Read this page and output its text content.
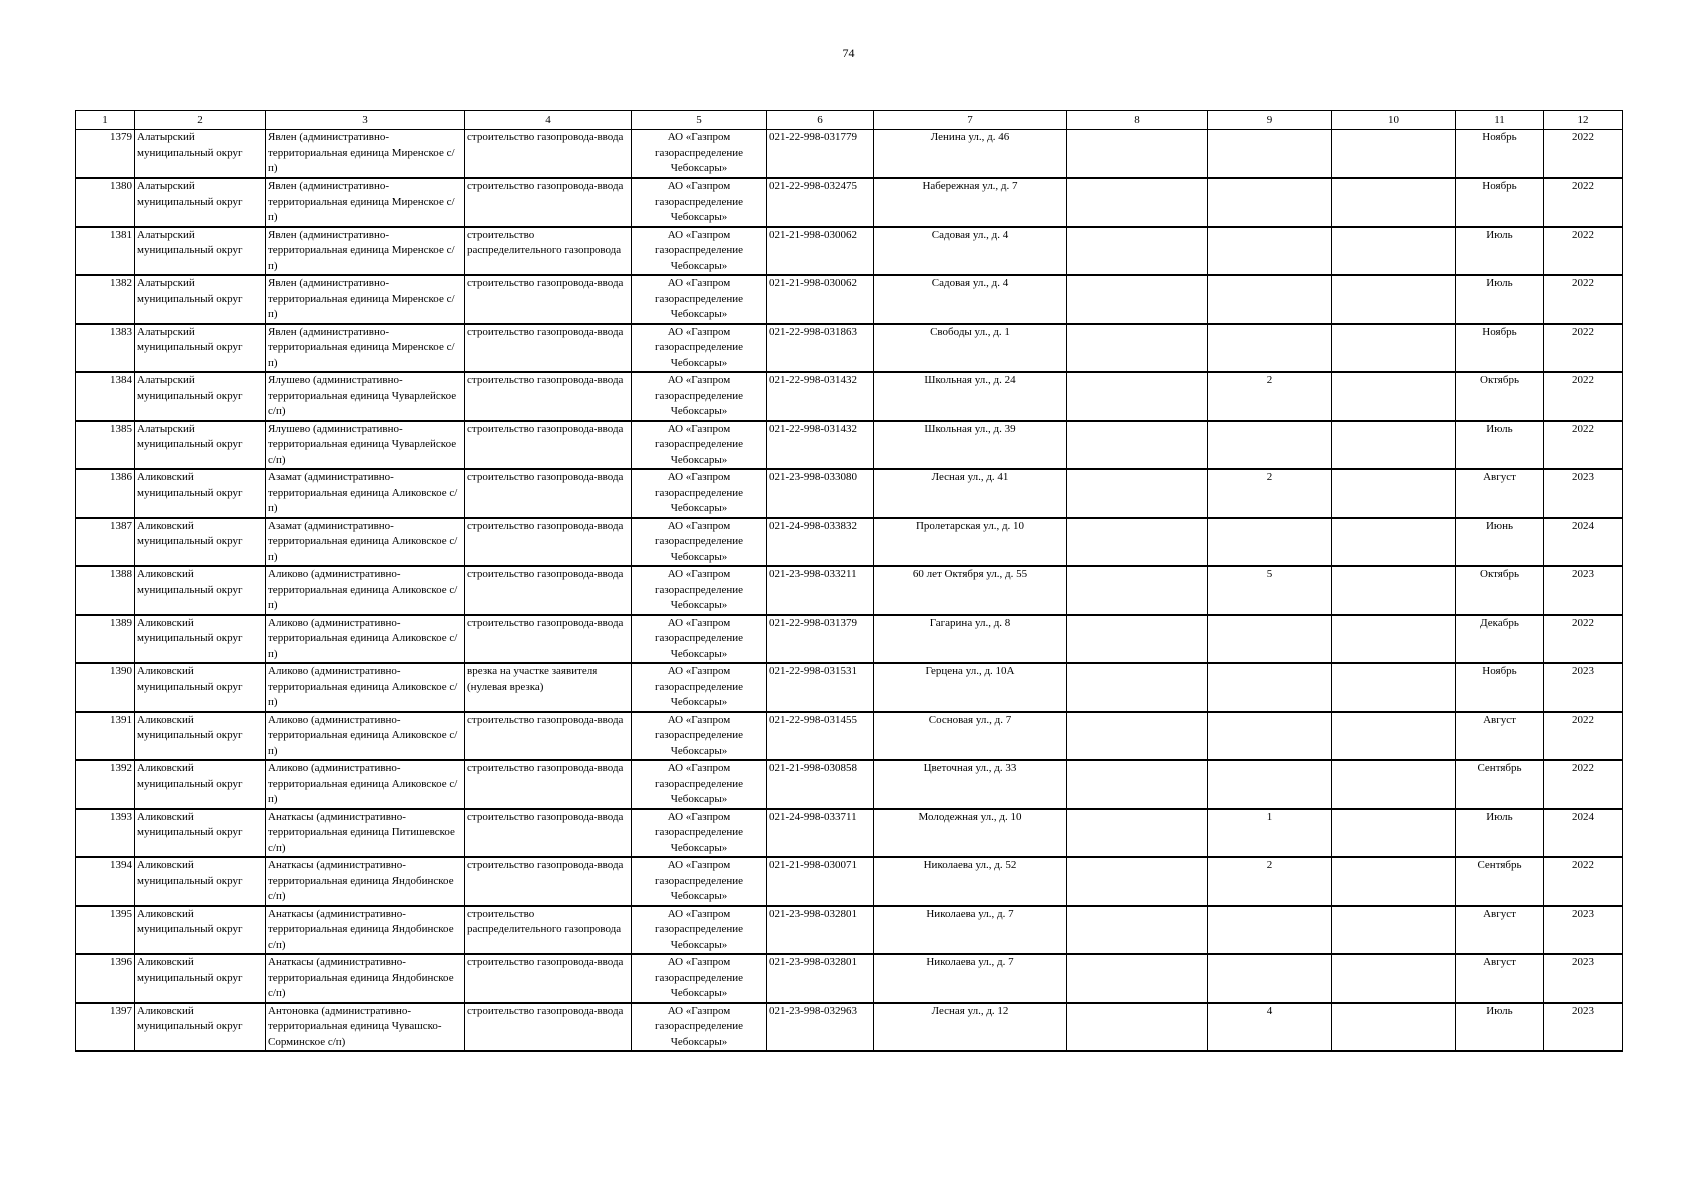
74
1	2	3	4	5	6	7	8	9	10	11	12
1379	Алатырский муниципальный округ	Явлен (административно-территориальная единица Миренское с/п)	строительство газопровода-ввода	АО «Газпром газораспределение Чебоксары»	021-22-998-031779	Ленина ул., д. 46				Ноябрь	2022
1380	Алатырский муниципальный округ	Явлен (административно-территориальная единица Миренское с/п)	строительство газопровода-ввода	АО «Газпром газораспределение Чебоксары»	021-22-998-032475	Набережная ул., д. 7				Ноябрь	2022
1381	Алатырский муниципальный округ	Явлен (административно-территориальная единица Миренское с/п)	строительство распределительного газопровода	АО «Газпром газораспределение Чебоксары»	021-21-998-030062	Садовая ул., д. 4				Июль	2022
1382	Алатырский муниципальный округ	Явлен (административно-территориальная единица Миренское с/п)	строительство газопровода-ввода	АО «Газпром газораспределение Чебоксары»	021-21-998-030062	Садовая ул., д. 4				Июль	2022
1383	Алатырский муниципальный округ	Явлен (административно-территориальная единица Миренское с/п)	строительство газопровода-ввода	АО «Газпром газораспределение Чебоксары»	021-22-998-031863	Свободы ул., д. 1				Ноябрь	2022
1384	Алатырский муниципальный округ	Ялушево (административно-территориальная единица Чуварлейское с/п)	строительство газопровода-ввода	АО «Газпром газораспределение Чебоксары»	021-22-998-031432	Школьная ул., д. 24		2		Октябрь	2022
1385	Алатырский муниципальный округ	Ялушево (административно-территориальная единица Чуварлейское с/п)	строительство газопровода-ввода	АО «Газпром газораспределение Чебоксары»	021-22-998-031432	Школьная ул., д. 39				Июль	2022
1386	Аликовский муниципальный округ	Азамат (административно-территориальная единица Аликовское с/п)	строительство газопровода-ввода	АО «Газпром газораспределение Чебоксары»	021-23-998-033080	Лесная ул., д. 41		2		Август	2023
1387	Аликовский муниципальный округ	Азамат (административно-территориальная единица Аликовское с/п)	строительство газопровода-ввода	АО «Газпром газораспределение Чебоксары»	021-24-998-033832	Пролетарская ул., д. 10				Июнь	2024
1388	Аликовский муниципальный округ	Аликово (административно-территориальная единица Аликовское с/п)	строительство газопровода-ввода	АО «Газпром газораспределение Чебоксары»	021-23-998-033211	60 лет Октября ул., д. 55		5		Октябрь	2023
1389	Аликовский муниципальный округ	Аликово (административно-территориальная единица Аликовское с/п)	строительство газопровода-ввода	АО «Газпром газораспределение Чебоксары»	021-22-998-031379	Гагарина ул., д. 8				Декабрь	2022
1390	Аликовский муниципальный округ	Аликово (административно-территориальная единица Аликовское с/п)	врезка на участке заявителя (нулевая врезка)	АО «Газпром газораспределение Чебоксары»	021-22-998-031531	Герцена ул., д. 10А				Ноябрь	2023
1391	Аликовский муниципальный округ	Аликово (административно-территориальная единица Аликовское с/п)	строительство газопровода-ввода	АО «Газпром газораспределение Чебоксары»	021-22-998-031455	Сосновая ул., д. 7				Август	2022
1392	Аликовский муниципальный округ	Аликово (административно-территориальная единица Аликовское с/п)	строительство газопровода-ввода	АО «Газпром газораспределение Чебоксары»	021-21-998-030858	Цветочная ул., д. 33				Сентябрь	2022
1393	Аликовский муниципальный округ	Анаткасы (административно-территориальная единица Питишевское с/п)	строительство газопровода-ввода	АО «Газпром газораспределение Чебоксары»	021-24-998-033711	Молодежная ул., д. 10		1		Июль	2024
1394	Аликовский муниципальный округ	Анаткасы (административно-территориальная единица Яндобинское с/п)	строительство газопровода-ввода	АО «Газпром газораспределение Чебоксары»	021-21-998-030071	Николаева ул., д. 52		2		Сентябрь	2022
1395	Аликовский муниципальный округ	Анаткасы (административно-территориальная единица Яндобинское с/п)	строительство распределительного газопровода	АО «Газпром газораспределение Чебоксары»	021-23-998-032801	Николаева ул., д. 7				Август	2023
1396	Аликовский муниципальный округ	Анаткасы (административно-территориальная единица Яндобинское с/п)	строительство газопровода-ввода	АО «Газпром газораспределение Чебоксары»	021-23-998-032801	Николаева ул., д. 7				Август	2023
1397	Аликовский муниципальный округ	Антоновка (административно-территориальная единица Чувашско-Сорминское с/п)	строительство газопровода-ввода	АО «Газпром газораспределение Чебоксары»	021-23-998-032963	Лесная ул., д. 12		4		Июль	2023
